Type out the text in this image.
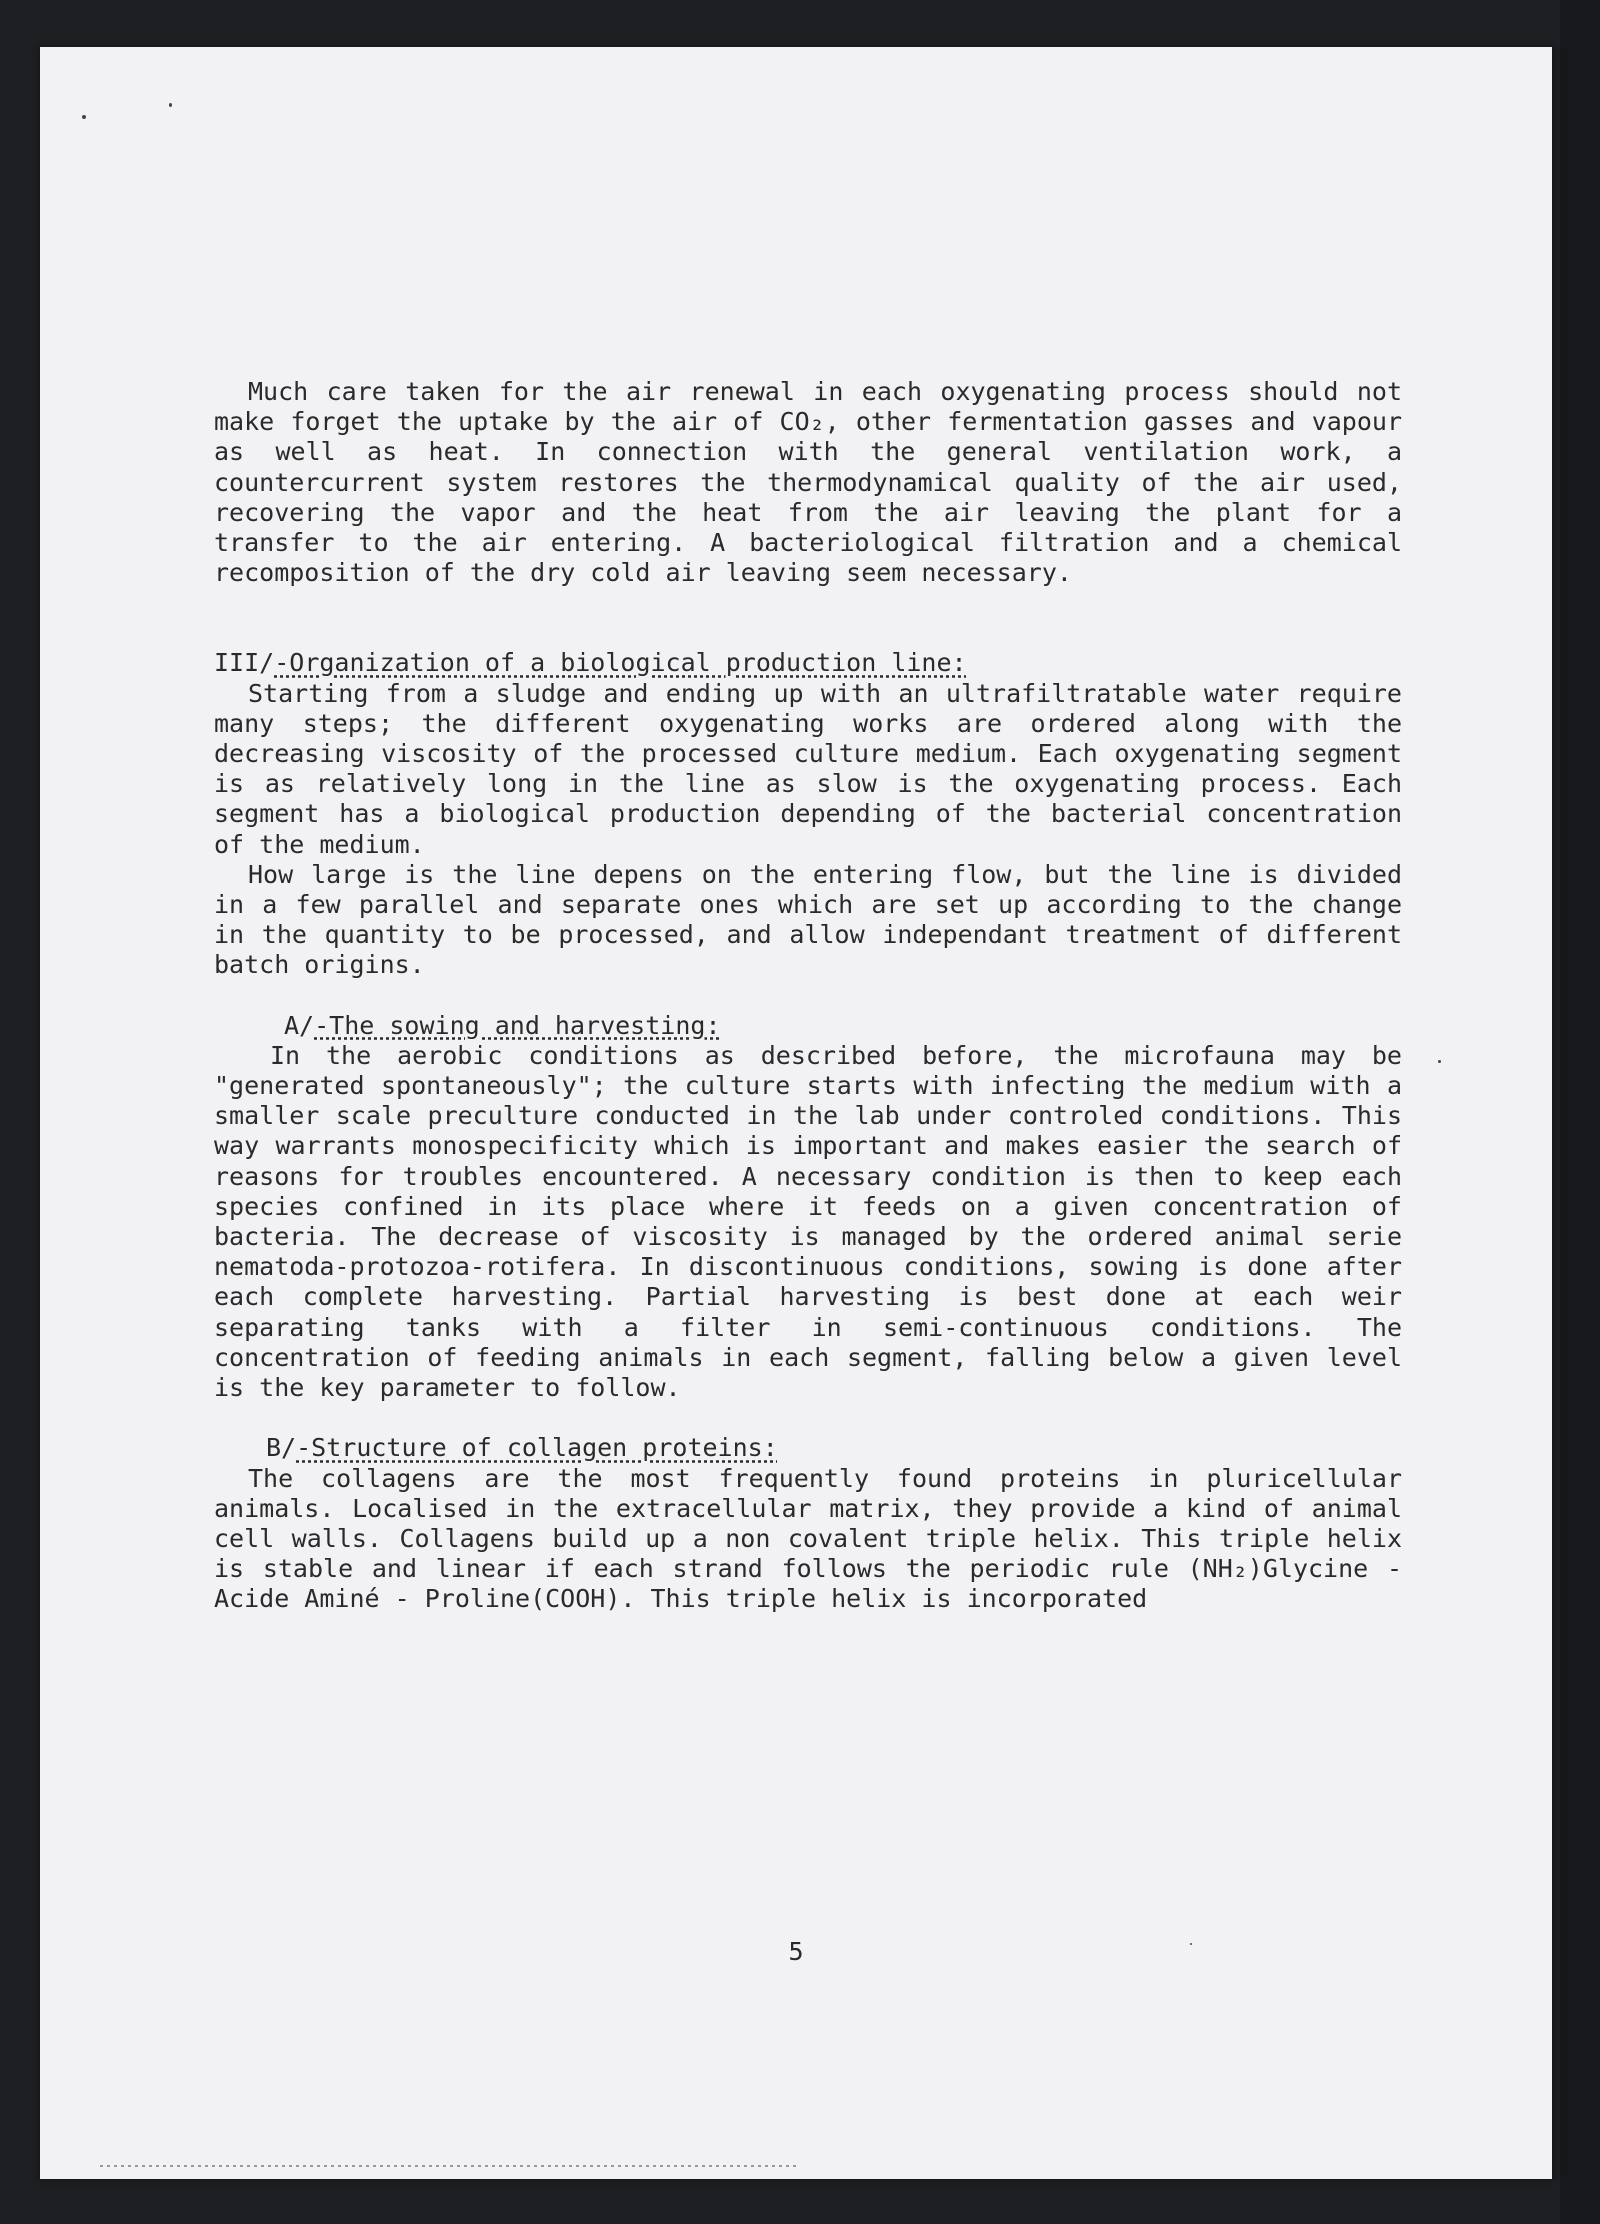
Much care taken for the air renewal in each oxygenating process should not make forget the uptake by the air of CO₂, other fermentation gasses and vapour as well as heat. In connection with the general ventilation work, a countercurrent system restores the thermodynamical quality of the air used, recovering the vapor and the heat from the air leaving the plant for a transfer to the air entering. A bacteriological filtration and a chemical recomposition of the dry cold air leaving seem necessary.

III/-Organization of a biological production line:

Starting from a sludge and ending up with an ultrafiltratable water require many steps; the different oxygenating works are ordered along with the decreasing viscosity of the processed culture medium. Each oxygenating segment is as relatively long in the line as slow is the oxygenating process. Each segment has a biological production depending of the bacterial concentration of the medium.

How large is the line depens on the entering flow, but the line is divided in a few parallel and separate ones which are set up according to the change in the quantity to be processed, and allow independant treatment of different batch origins.

A/-The sowing and harvesting:

In the aerobic conditions as described before, the microfauna may be "generated spontaneously"; the culture starts with infecting the medium with a smaller scale preculture conducted in the lab under controled conditions. This way warrants monospecificity which is important and makes easier the search of reasons for troubles encountered. A necessary condition is then to keep each species confined in its place where it feeds on a given concentration of bacteria. The decrease of viscosity is managed by the ordered animal serie nematoda-protozoa-rotifera. In discontinuous conditions, sowing is done after each complete harvesting. Partial harvesting is best done at each weir separating tanks with a filter in semi-continuous conditions. The concentration of feeding animals in each segment, falling below a given level is the key parameter to follow.

B/-Structure of collagen proteins:

The collagens are the most frequently found proteins in pluricellular animals. Localised in the extracellular matrix, they provide a kind of animal cell walls. Collagens build up a non covalent triple helix. This triple helix is stable and linear if each strand follows the periodic rule (NH₂)Glycine - Acide Aminé - Proline(COOH). This triple helix is incorporated

5
